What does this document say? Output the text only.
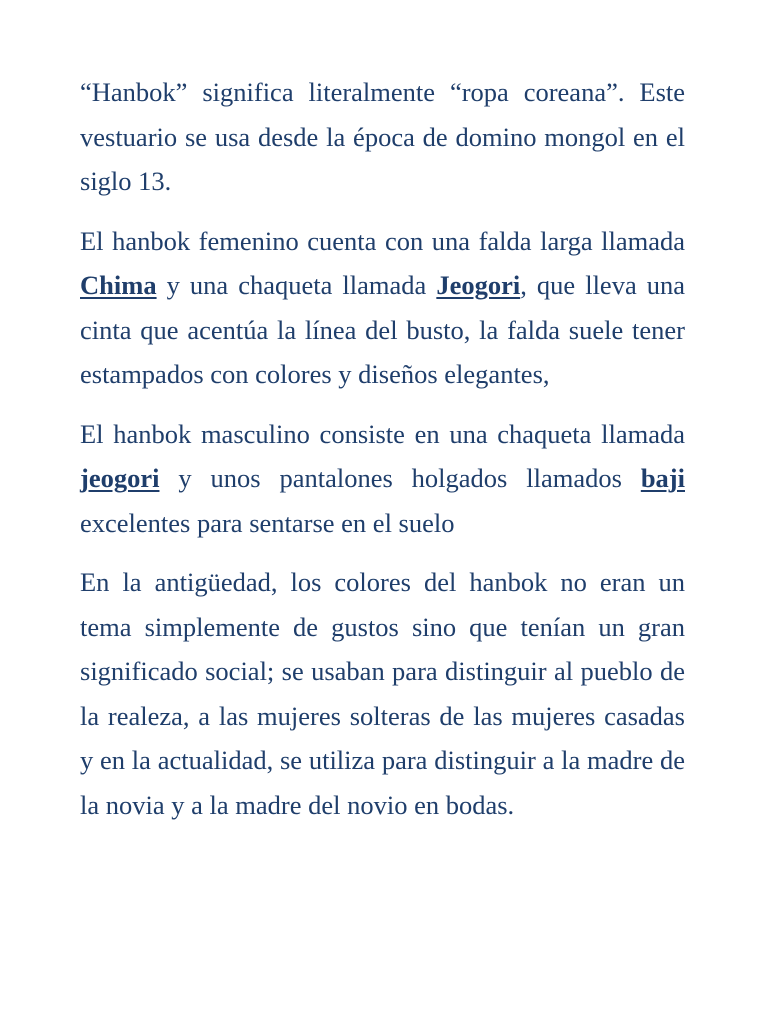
“Hanbok” significa literalmente “ropa coreana”. Este vestuario se usa desde la época de domino mongol en el siglo 13.

El hanbok femenino cuenta con una falda larga llamada Chima y una chaqueta llamada Jeogori, que lleva una cinta que acentúa la línea del busto, la falda suele tener estampados con colores y diseños elegantes,

El hanbok masculino consiste en una chaqueta llamada jeogori y unos pantalones holgados llamados baji excelentes para sentarse en el suelo

En la antigüedad, los colores del hanbok no eran un tema simplemente de gustos sino que tenían un gran significado social; se usaban para distinguir al pueblo de la realeza, a las mujeres solteras de las mujeres casadas y en la actualidad, se utiliza para distinguir a la madre de la novia y a la madre del novio en bodas.
